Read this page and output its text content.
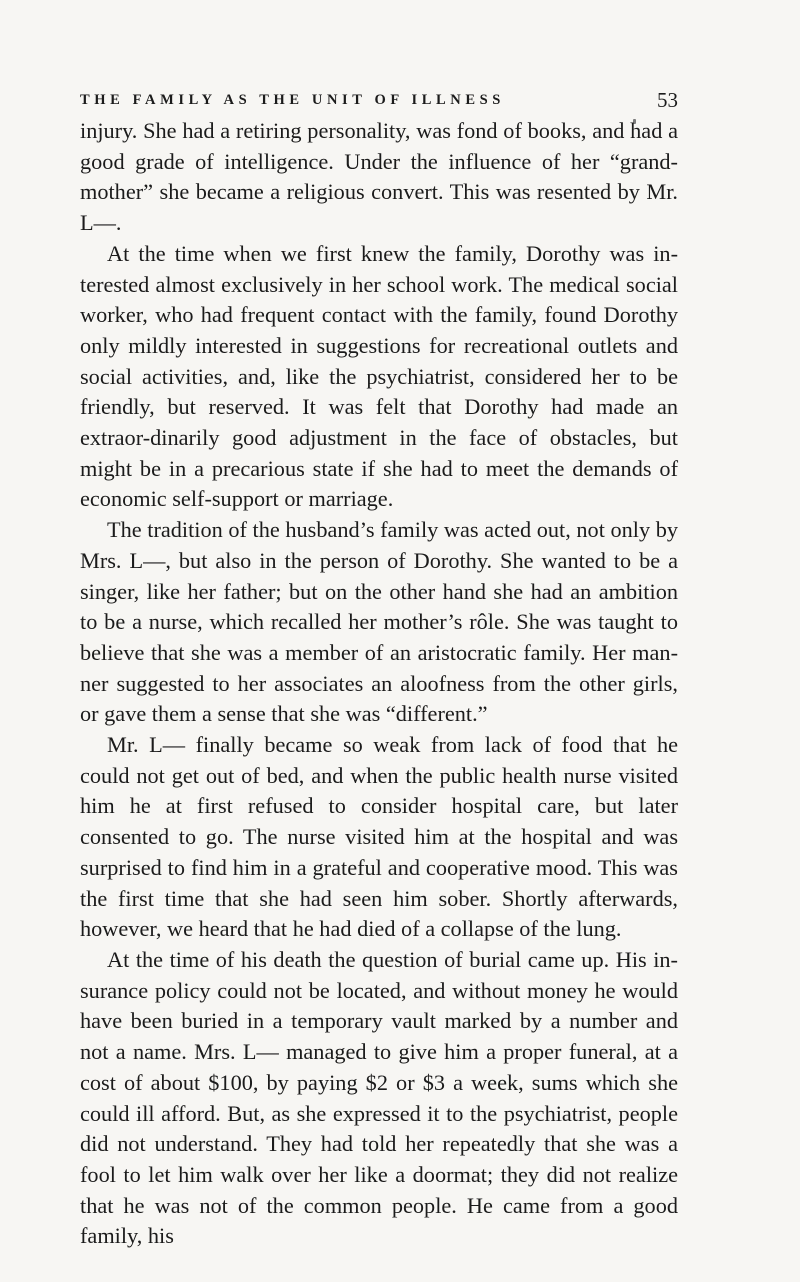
THE FAMILY AS THE UNIT OF ILLNESS	53

injury. She had a retiring personality, was fond of books, and had a good grade of intelligence. Under the influence of her “grand-mother” she became a religious convert. This was resented by Mr. L—.

At the time when we first knew the family, Dorothy was in-terested almost exclusively in her school work. The medical social worker, who had frequent contact with the family, found Dorothy only mildly interested in suggestions for recreational outlets and social activities, and, like the psychiatrist, considered her to be friendly, but reserved. It was felt that Dorothy had made an extraor-dinarily good adjustment in the face of obstacles, but might be in a precarious state if she had to meet the demands of economic self-support or marriage.

The tradition of the husband’s family was acted out, not only by Mrs. L—, but also in the person of Dorothy. She wanted to be a singer, like her father; but on the other hand she had an ambition to be a nurse, which recalled her mother’s rôle. She was taught to believe that she was a member of an aristocratic family. Her man-ner suggested to her associates an aloofness from the other girls, or gave them a sense that she was “different.”

Mr. L— finally became so weak from lack of food that he could not get out of bed, and when the public health nurse visited him he at first refused to consider hospital care, but later consented to go. The nurse visited him at the hospital and was surprised to find him in a grateful and cooperative mood. This was the first time that she had seen him sober. Shortly afterwards, however, we heard that he had died of a collapse of the lung.

At the time of his death the question of burial came up. His in-surance policy could not be located, and without money he would have been buried in a temporary vault marked by a number and not a name. Mrs. L— managed to give him a proper funeral, at a cost of about $100, by paying $2 or $3 a week, sums which she could ill afford. But, as she expressed it to the psychiatrist, people did not understand. They had told her repeatedly that she was a fool to let him walk over her like a doormat; they did not realize that he was not of the common people. He came from a good family, his
